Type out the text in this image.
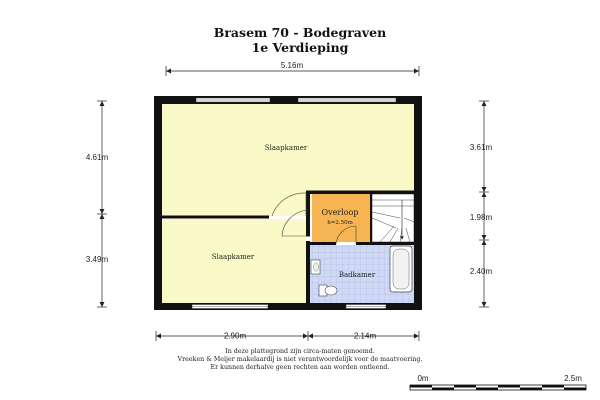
Brasem 70 - Bodegraven
1e Verdieping
5.16m
4.61m
3.49m
3.61m
1.98m
2.40m
2.90m	2.14m
Slaapkamer
Slaapkamer
Overloop
h=2.50m
Badkamer
In deze plattegrond zijn circa-maten genoemd.
Vreeken & Meijer makelaardij is niet verantwoordelijk voor de maatvoering.
Er kunnen derhalve geen rechten aan worden ontleend.
0m	2.5m
